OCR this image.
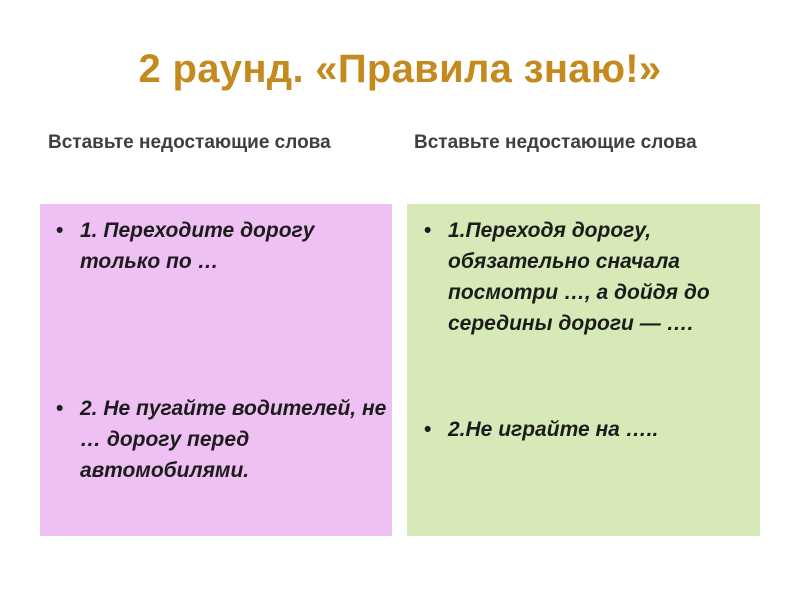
2 раунд. «Правила знаю!»
Вставьте недостающие слова	Вставьте недостающие слова
• 1. Переходите дорогу только по …
• 2. Не пугайте водителей, не … дорогу перед автомобилями.
• 1.Переходя дорогу, обязательно сначала посмотри …, а дойдя до середины дороги — ….
• 2.Не играйте на …..
